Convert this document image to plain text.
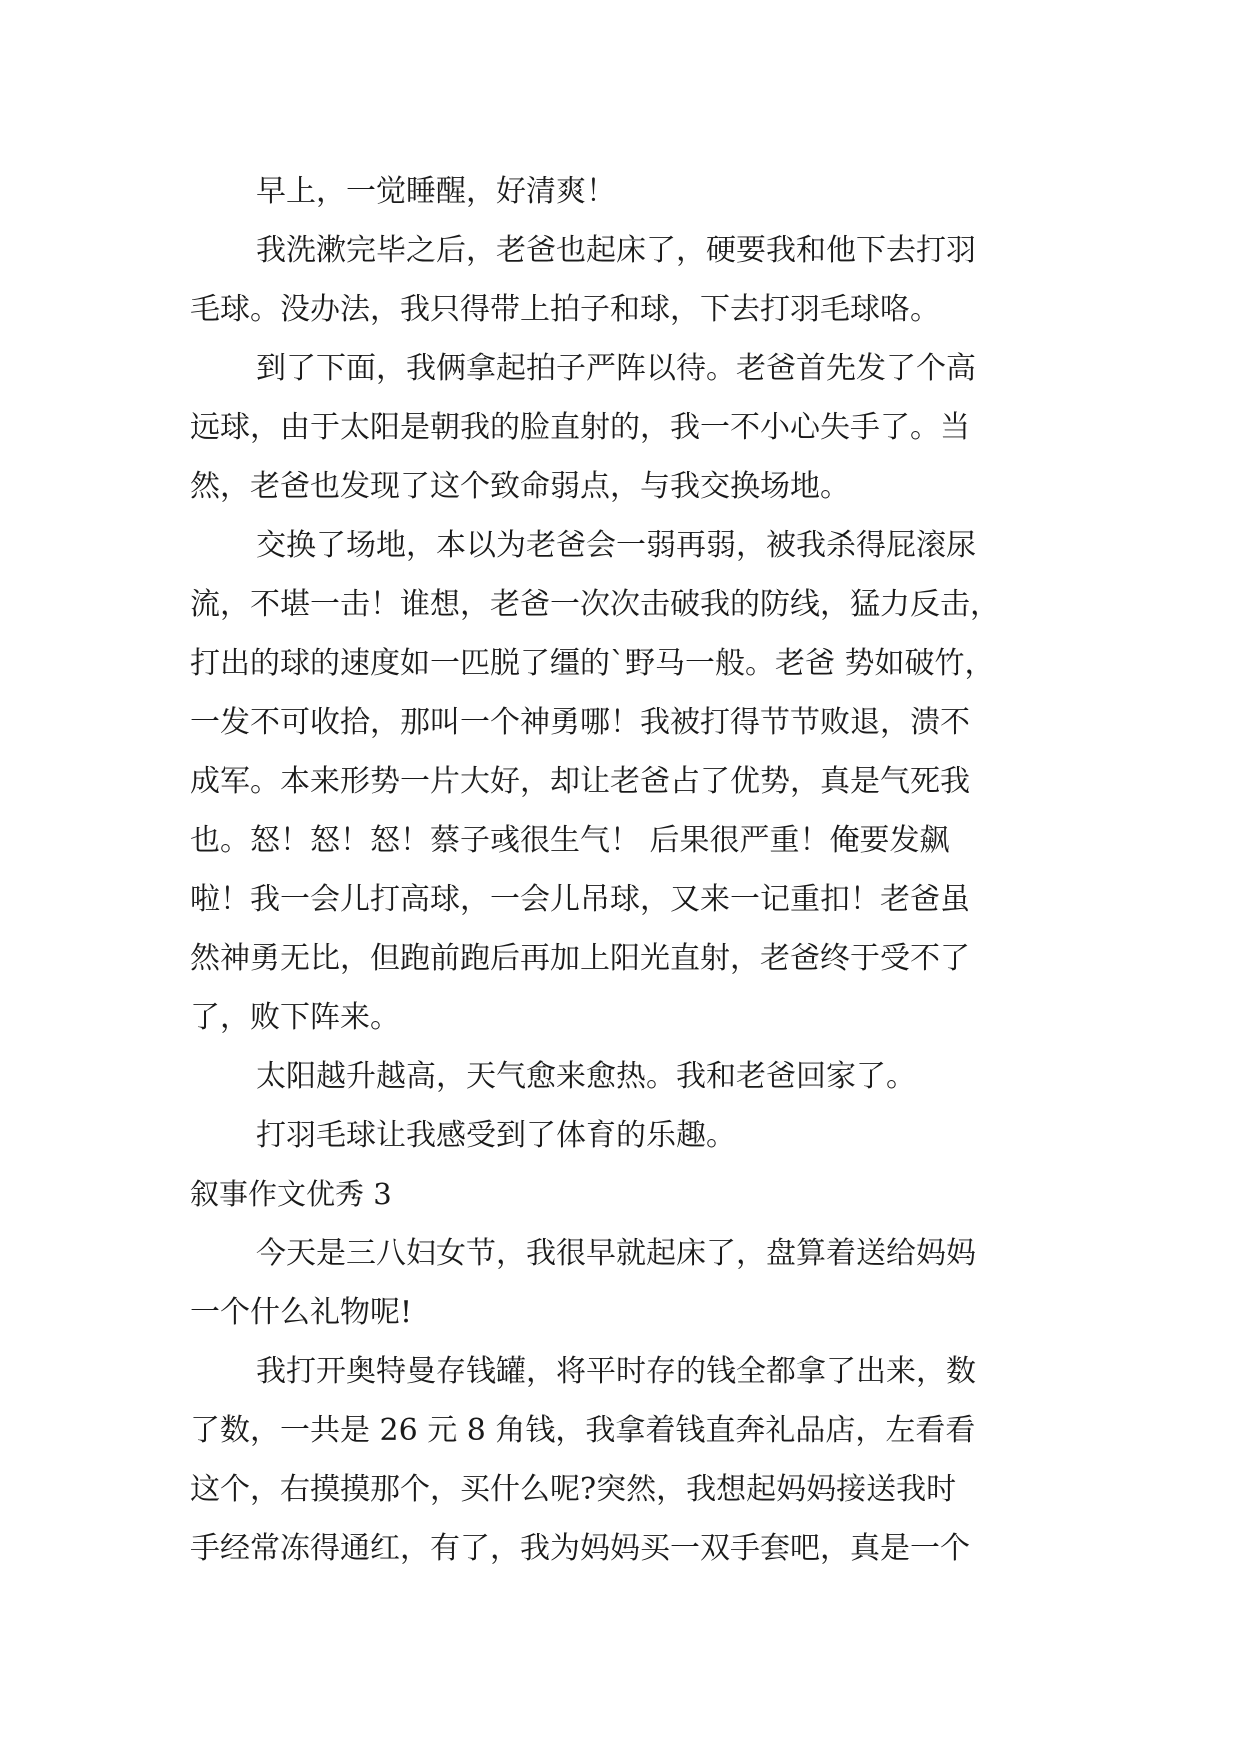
早上，一觉睡醒，好清爽！
我洗漱完毕之后，老爸也起床了，硬要我和他下去打羽
毛球。没办法，我只得带上拍子和球，下去打羽毛球咯。
到了下面，我俩拿起拍子严阵以待。老爸首先发了个高
远球，由于太阳是朝我的脸直射的，我一不小心失手了。当
然，老爸也发现了这个致命弱点，与我交换场地。
交换了场地，本以为老爸会一弱再弱，被我杀得屁滚尿
流，不堪一击！谁想，老爸一次次击破我的防线，猛力反击，
打出的球的速度如一匹脱了缰的`野马一般。老爸 势如破竹，
一发不可收拾，那叫一个神勇哪！我被打得节节败退，溃不
成军。本来形势一片大好，却让老爸占了优势，真是气死我
也。怒！怒！怒！蔡子彧很生气！ 后果很严重！俺要发飙
啦！我一会儿打高球，一会儿吊球，又来一记重扣！老爸虽
然神勇无比，但跑前跑后再加上阳光直射，老爸终于受不了
了，败下阵来。
太阳越升越高，天气愈来愈热。我和老爸回家了。
打羽毛球让我感受到了体育的乐趣。
叙事作文优秀 3
今天是三八妇女节，我很早就起床了，盘算着送给妈妈
一个什么礼物呢!
我打开奥特曼存钱罐，将平时存的钱全都拿了出来，数
了数，一共是 26 元 8 角钱，我拿着钱直奔礼品店，左看看
这个，右摸摸那个，买什么呢?突然，我想起妈妈接送我时
手经常冻得通红，有了，我为妈妈买一双手套吧，真是一个
